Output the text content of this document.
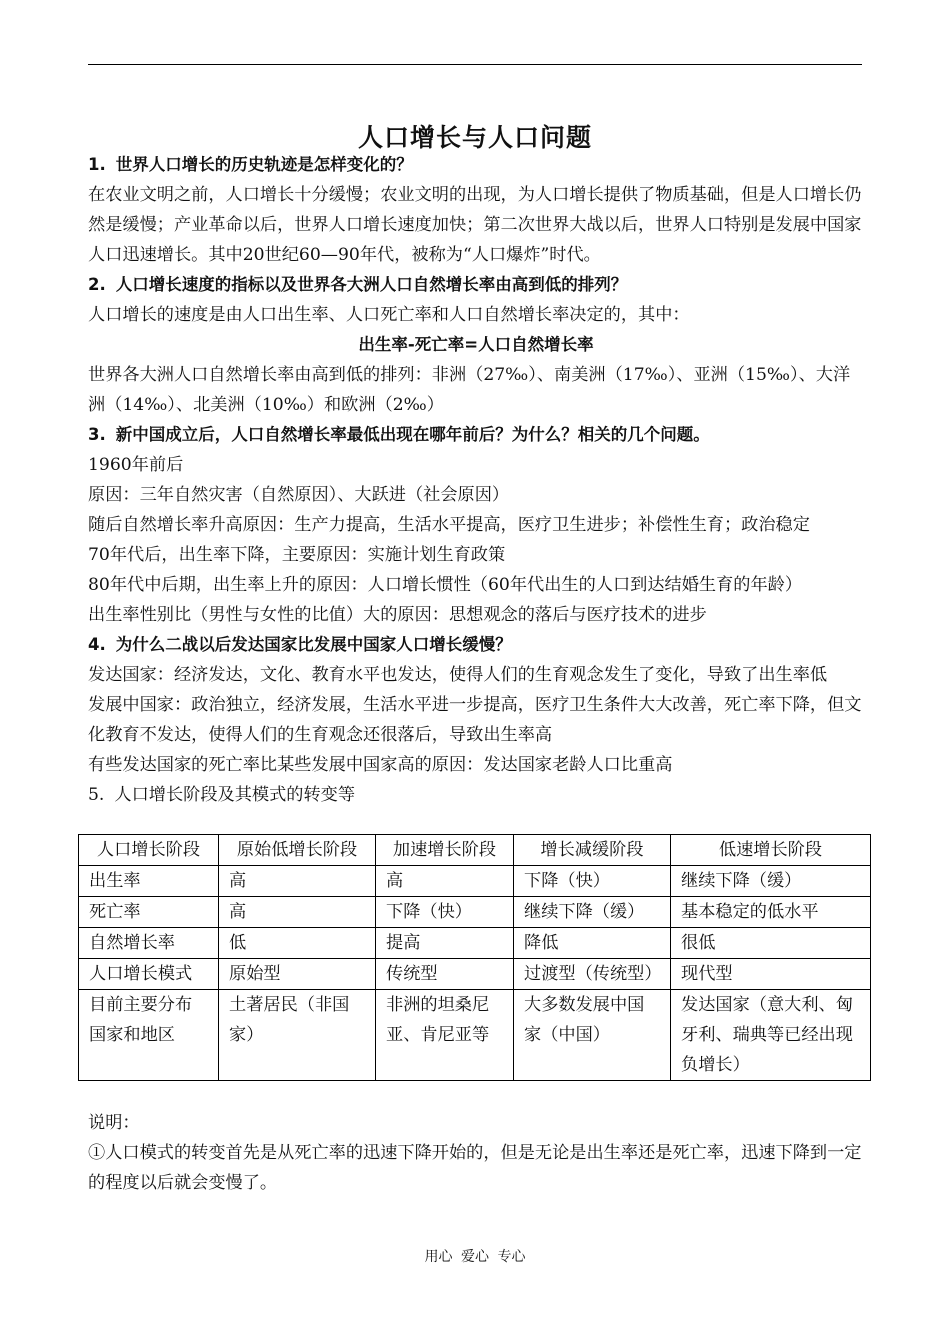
人口增长与人口问题

1. 世界人口增长的历史轨迹是怎样变化的？

在农业文明之前，人口增长十分缓慢；农业文明的出现，为人口增长提供了物质基础，但是人口增长仍然是缓慢；产业革命以后，世界人口增长速度加快；第二次世界大战以后，世界人口特别是发展中国家人口迅速增长。其中20世纪60—90年代，被称为“人口爆炸”时代。

2. 人口增长速度的指标以及世界各大洲人口自然增长率由高到低的排列？

人口增长的速度是由人口出生率、人口死亡率和人口自然增长率决定的，其中：

出生率-死亡率=人口自然增长率

世界各大洲人口自然增长率由高到低的排列：非洲（27‰）、南美洲（17‰）、亚洲（15‰）、大洋洲（14‰）、北美洲（10‰）和欧洲（2‰）

3. 新中国成立后，人口自然增长率最低出现在哪年前后？为什么？相关的几个问题。

1960年前后

原因：三年自然灾害（自然原因）、大跃进（社会原因）

随后自然增长率升高原因：生产力提高，生活水平提高，医疗卫生进步；补偿性生育；政治稳定

70年代后，出生率下降，主要原因：实施计划生育政策

80年代中后期，出生率上升的原因：人口增长惯性（60年代出生的人口到达结婚生育的年龄）

出生率性别比（男性与女性的比值）大的原因：思想观念的落后与医疗技术的进步

4. 为什么二战以后发达国家比发展中国家人口增长缓慢？

发达国家：经济发达，文化、教育水平也发达，使得人们的生育观念发生了变化，导致了出生率低

发展中国家：政治独立，经济发展，生活水平进一步提高，医疗卫生条件大大改善，死亡率下降，但文化教育不发达，使得人们的生育观念还很落后，导致出生率高

有些发达国家的死亡率比某些发展中国家高的原因：发达国家老龄人口比重高

5. 人口增长阶段及其模式的转变等

人口增长阶段	原始低增长阶段	加速增长阶段	增长减缓阶段	低速增长阶段
出生率	高	高	下降（快）	继续下降（缓）
死亡率	高	下降（快）	继续下降（缓）	基本稳定的低水平
自然增长率	低	提高	降低	很低
人口增长模式	原始型	传统型	过渡型（传统型）	现代型
目前主要分布国家和地区	土著居民（非国家）	非洲的坦桑尼亚、肯尼亚等	大多数发展中国家（中国）	发达国家（意大利、匈牙利、瑞典等已经出现负增长）

说明：

①人口模式的转变首先是从死亡率的迅速下降开始的，但是无论是出生率还是死亡率，迅速下降到一定的程度以后就会变慢了。

用心 爱心 专心
